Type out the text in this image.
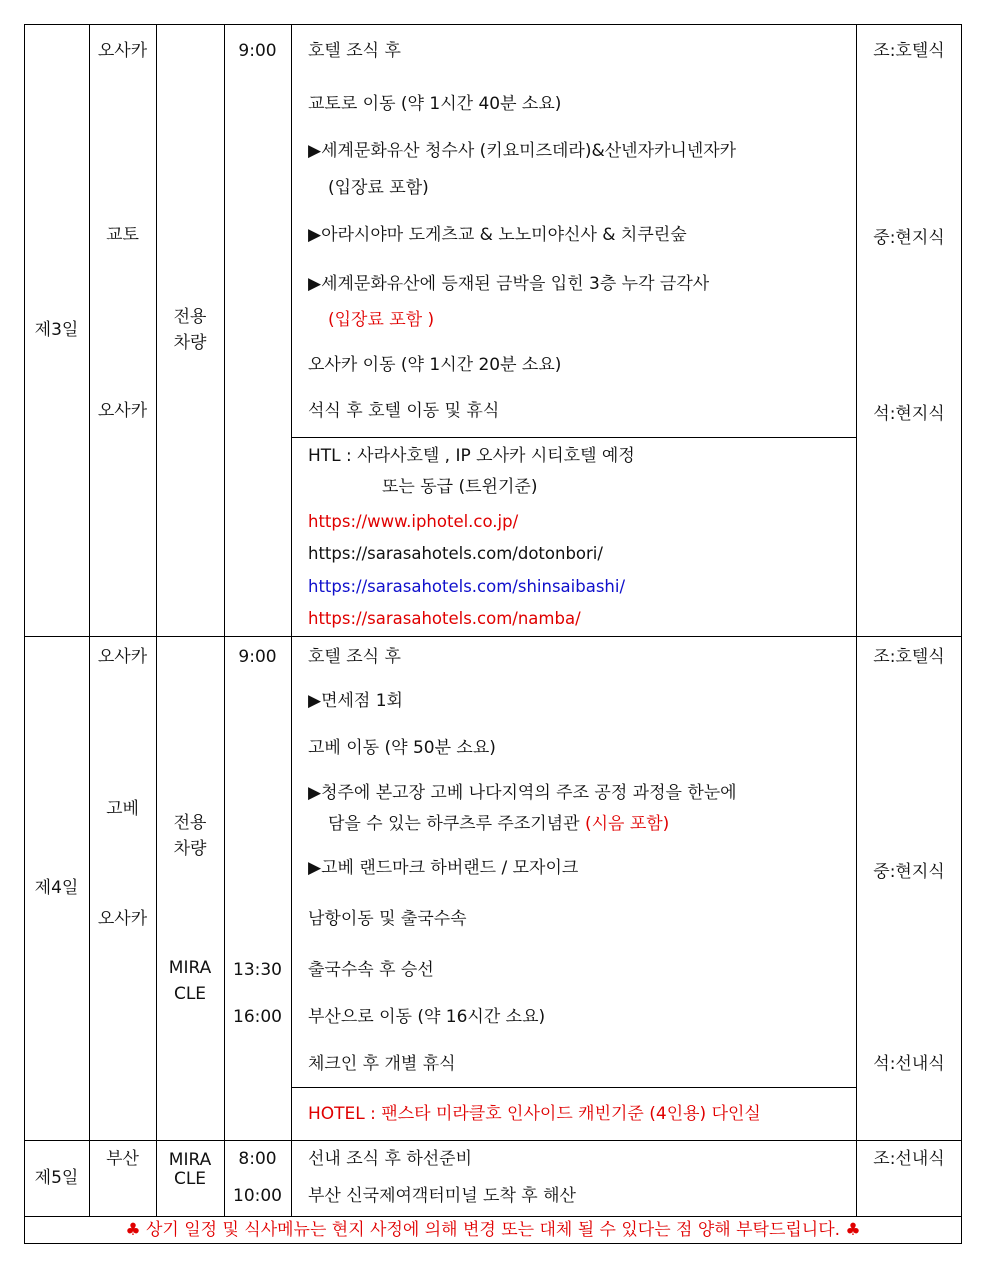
제3일
오사카
교토
오사카
전용
차량
9:00	호텔 조식 후
교토로 이동 (약 1시간 40분 소요)
▶세계문화유산 청수사 (키요미즈데라)&산넨자카니넨자카
(입장료 포함)
▶아라시야마 도게츠교 & 노노미야신사 & 치쿠린숲
▶세계문화유산에 등재된 금박을 입힌 3층 누각 금각사
(입장료 포함 )
오사카 이동 (약 1시간 20분 소요)
석식 후 호텔 이동 및 휴식
HTL : 사라사호텔 , IP 오사카 시티호텔 예정
또는 동급 (트윈기준)
https://www.iphotel.co.jp/
https://sarasahotels.com/dotonbori/
https://sarasahotels.com/shinsaibashi/
https://sarasahotels.com/namba/
조:호텔식
중:현지식
석:현지식
제4일
오사카
고베
오사카
전용
차량
MIRA
CLE
9:00
13:30
16:00
호텔 조식 후
▶면세점 1회
고베 이동 (약 50분 소요)
▶청주에 본고장 고베 나다지역의 주조 공정 과정을 한눈에
담을 수 있는 하쿠츠루 주조기념관 (시음 포함)
▶고베 랜드마크 하버랜드 / 모자이크
남항이동 및 출국수속
출국수속 후 승선
부산으로 이동 (약 16시간 소요)
체크인 후 개별 휴식
HOTEL : 팬스타 미라클호 인사이드 캐빈기준 (4인용) 다인실
조:호텔식
중:현지식
석:선내식
제5일
부산	MIRA
CLE
8:00
10:00
선내 조식 후 하선준비
부산 신국제여객터미널 도착 후 해산
조:선내식
♣ 상기 일정 및 식사메뉴는 현지 사정에 의해 변경 또는 대체 될 수 있다는 점 양해 부탁드립니다. ♣
